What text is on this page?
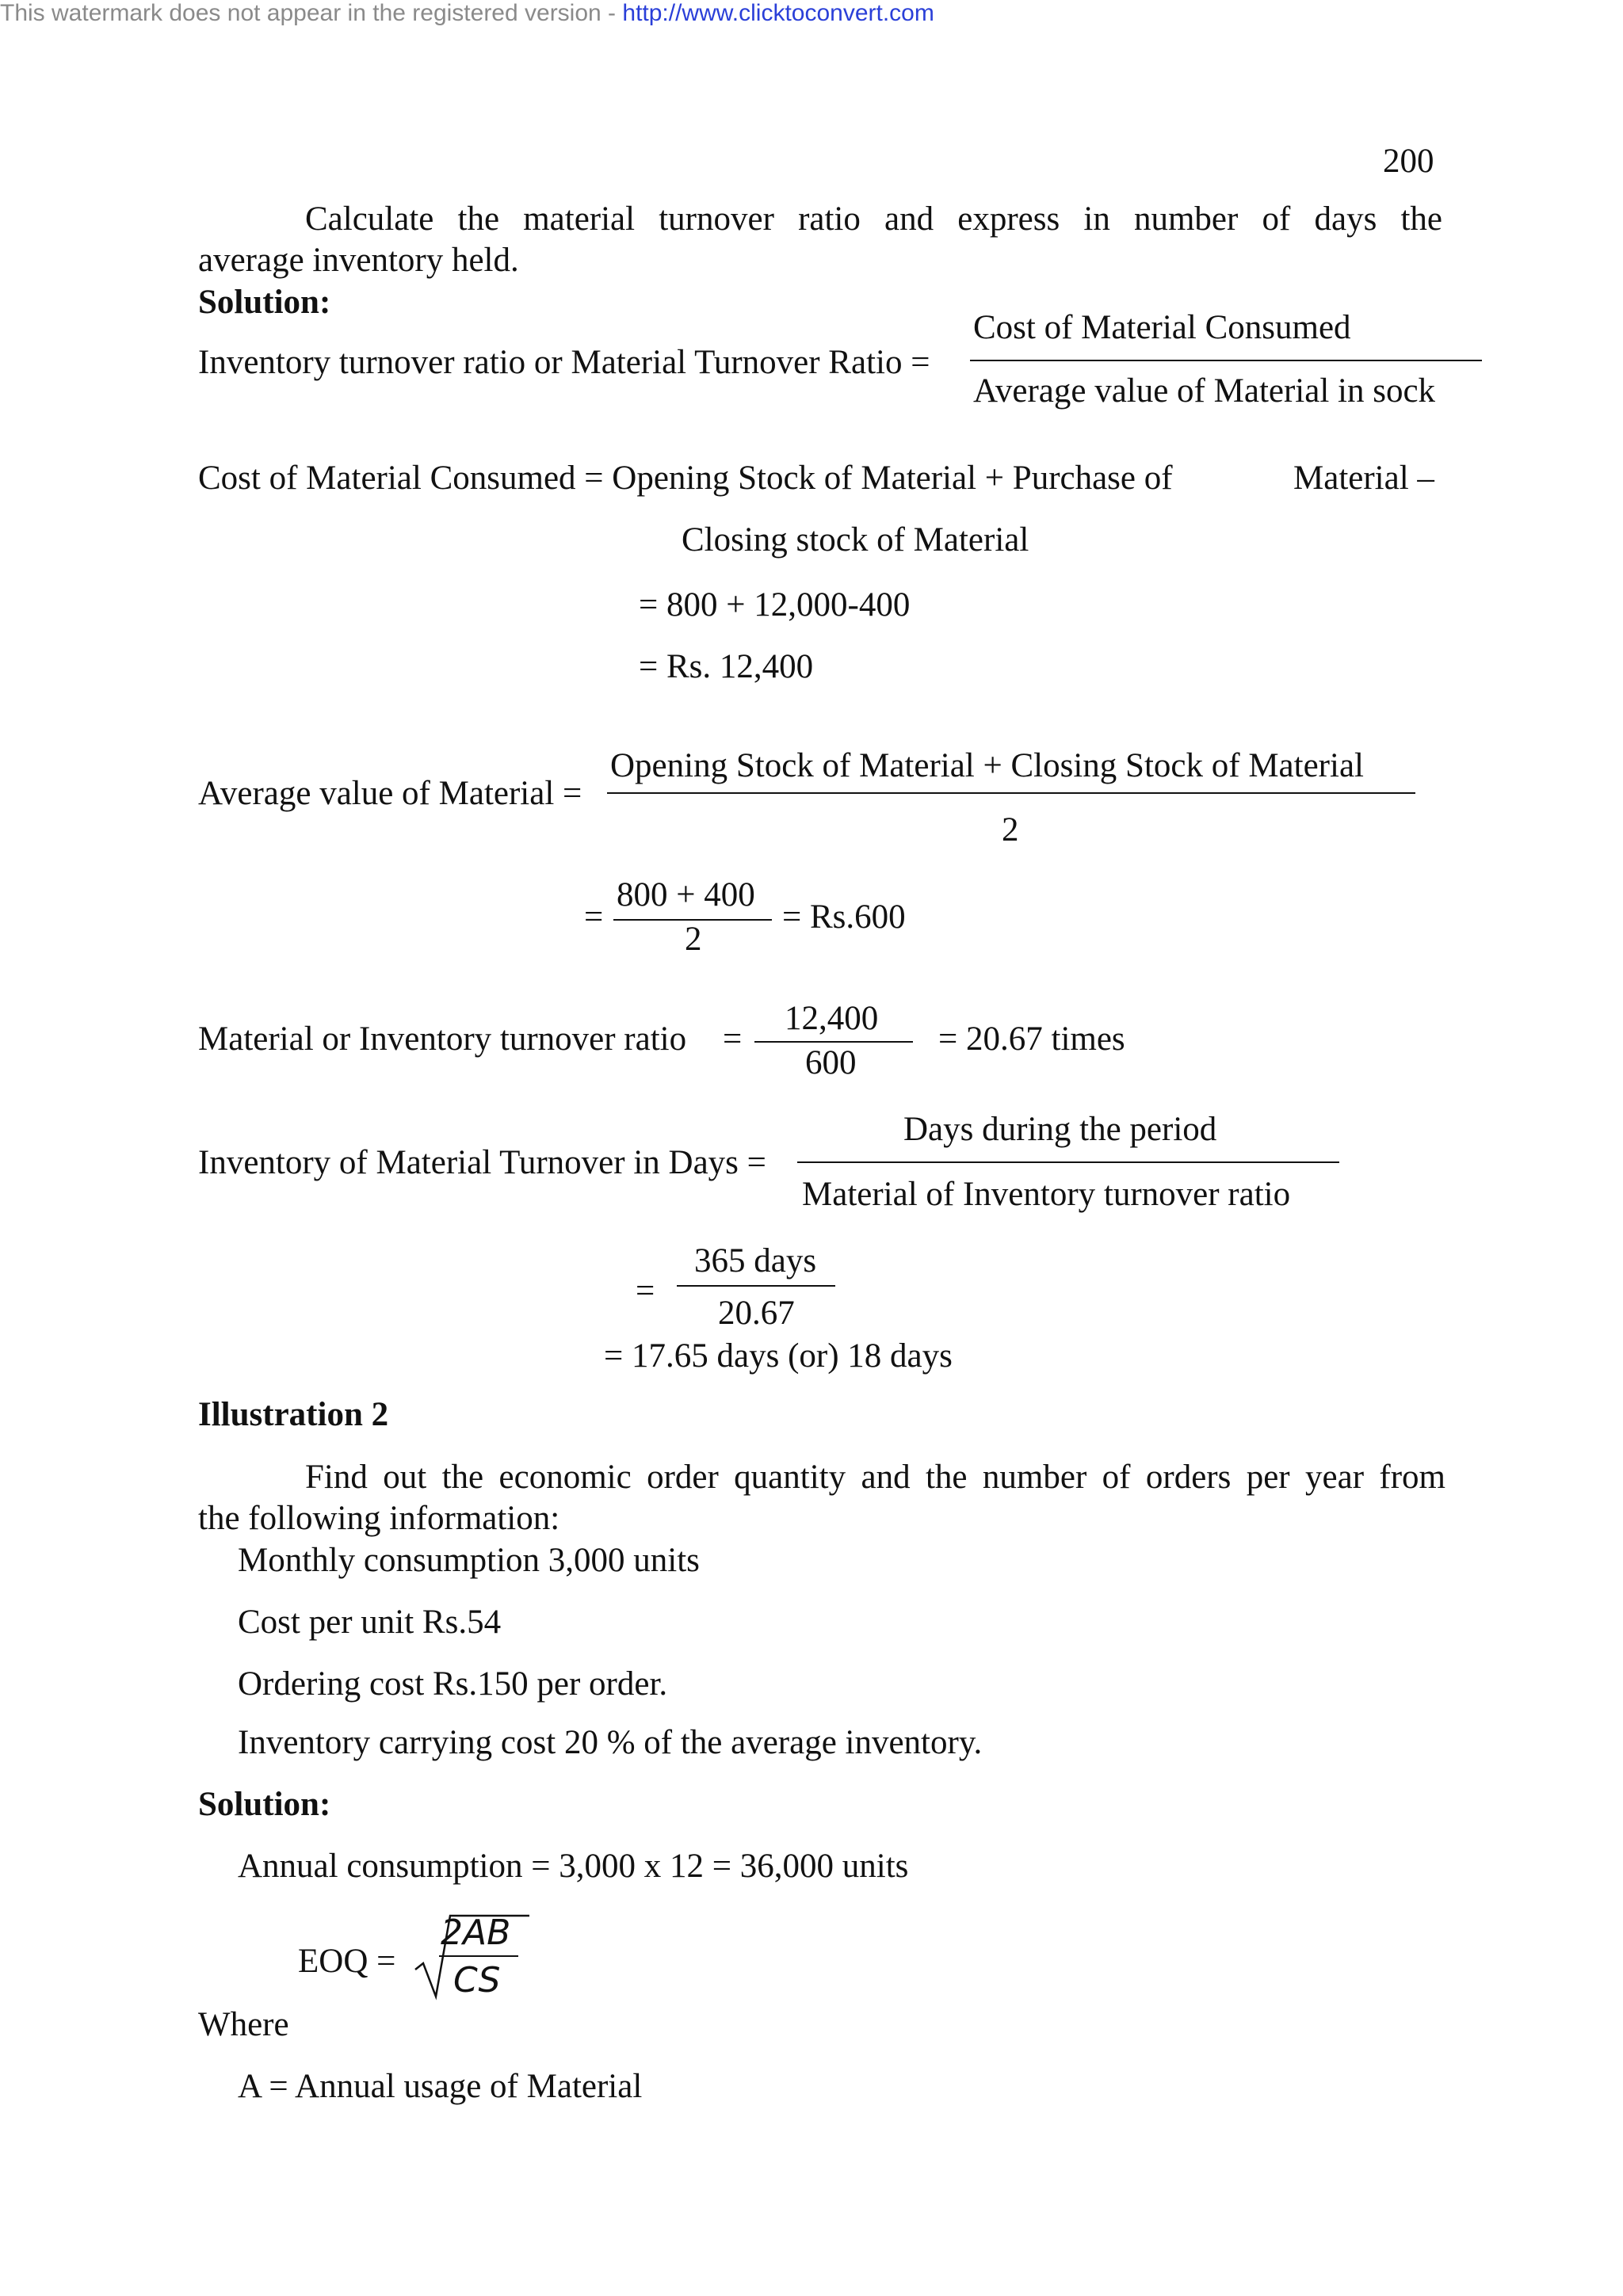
This watermark does not appear in the registered version - http://www.clicktoconvert.com
200
Calculate the material turnover ratio and express in number of days the
average inventory held.
Solution:
Cost of Material Consumed
Inventory turnover ratio or Material Turnover Ratio =
Average value of Material in sock
Cost of Material Consumed = Opening Stock of Material + Purchase of	Material –
Closing stock of Material
= 800 + 12,000-400
= Rs. 12,400
Opening Stock of Material + Closing Stock of Material
Average value of Material =
2
=
800 + 400
2
= Rs.600
12,400
Material or Inventory turnover ratio =
600
= 20.67 times
Days during the period
Inventory of Material Turnover in Days =
Material of Inventory turnover ratio
=
365 days
20.67
= 17.65 days (or) 18 days
Illustration 2
Find out the economic order quantity and the number of orders per year from
the following information:
Monthly consumption 3,000 units
Cost per unit Rs.54
Ordering cost Rs.150 per order.
Inventory carrying cost 20 % of the average inventory.
Solution:
Annual consumption = 3,000 x 12 = 36,000 units
EOQ =
2AB
CS
Where
A = Annual usage of Material
